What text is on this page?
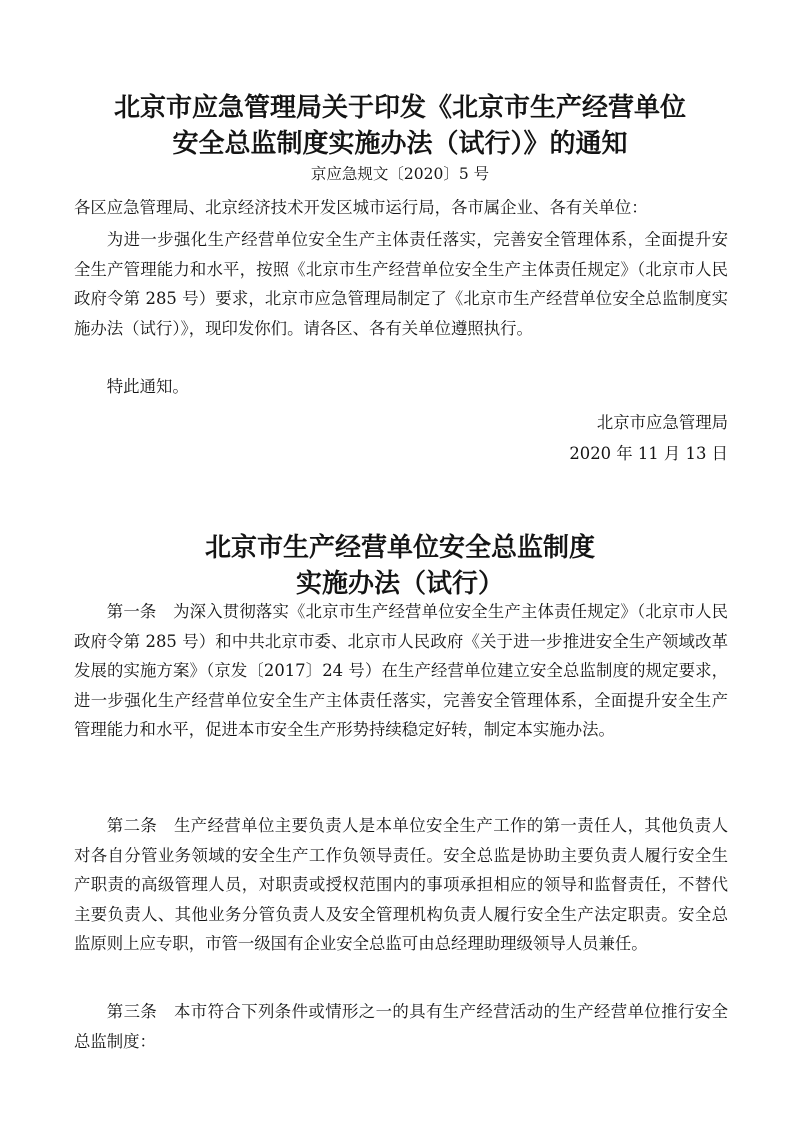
北京市应急管理局关于印发《北京市生产经营单位
安全总监制度实施办法（试行）》的通知
京应急规文〔2020〕5 号

各区应急管理局、北京经济技术开发区城市运行局，各市属企业、各有关单位：

为进一步强化生产经营单位安全生产主体责任落实，完善安全管理体系，全面提升安全生产管理能力和水平，按照《北京市生产经营单位安全生产主体责任规定》（北京市人民政府令第 285 号）要求，北京市应急管理局制定了《北京市生产经营单位安全总监制度实施办法（试行）》，现印发你们。请各区、各有关单位遵照执行。

特此通知。

北京市应急管理局
2020 年 11 月 13 日
北京市生产经营单位安全总监制度
实施办法（试行）

第一条　为深入贯彻落实《北京市生产经营单位安全生产主体责任规定》（北京市人民政府令第 285 号）和中共北京市委、北京市人民政府《关于进一步推进安全生产领域改革发展的实施方案》（京发〔2017〕24 号）在生产经营单位建立安全总监制度的规定要求，进一步强化生产经营单位安全生产主体责任落实，完善安全管理体系，全面提升安全生产管理能力和水平，促进本市安全生产形势持续稳定好转，制定本实施办法。

第二条　生产经营单位主要负责人是本单位安全生产工作的第一责任人，其他负责人对各自分管业务领域的安全生产工作负领导责任。安全总监是协助主要负责人履行安全生产职责的高级管理人员，对职责或授权范围内的事项承担相应的领导和监督责任，不替代主要负责人、其他业务分管负责人及安全管理机构负责人履行安全生产法定职责。安全总监原则上应专职，市管一级国有企业安全总监可由总经理助理级领导人员兼任。

第三条　本市符合下列条件或情形之一的具有生产经营活动的生产经营单位推行安全总监制度：
